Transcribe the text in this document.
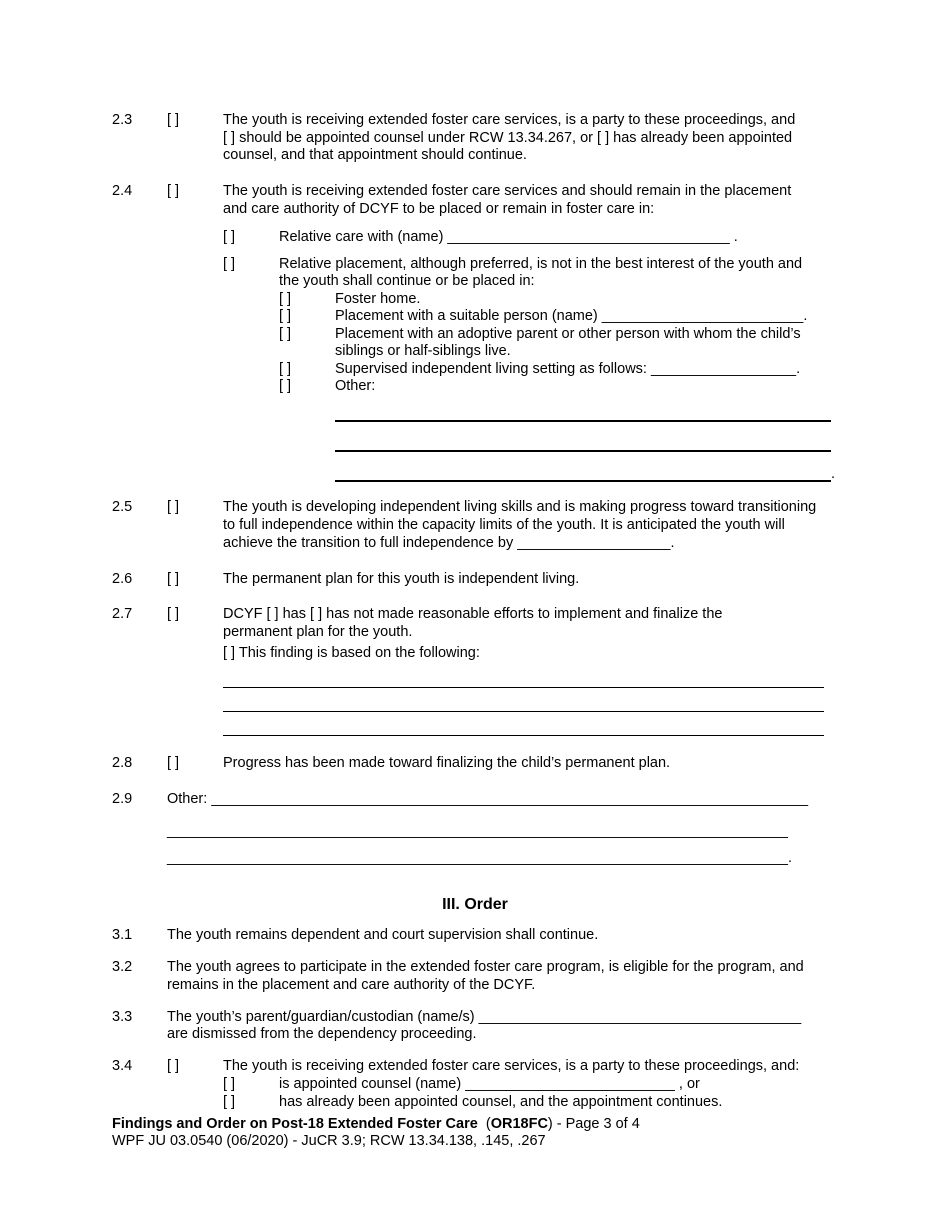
2.3 [ ]	The youth is receiving extended foster care services, is a party to these proceedings, and
[ ] should be appointed counsel under RCW 13.34.267, or [ ] has already been appointed
counsel, and that appointment should continue.
2.4 [ ]	The youth is receiving extended foster care services and should remain in the placement
and care authority of DCYF to be placed or remain in foster care in:
[ ]	Relative care with (name) ___________________________________ .
[ ]	Relative placement, although preferred, is not in the best interest of the youth and
the youth shall continue or be placed in:
[ ]	Foster home.
[ ]	Placement with a suitable person (name) _________________________.
[ ]	Placement with an adoptive parent or other person with whom the child’s
siblings or half-siblings live.
[ ]	Supervised independent living setting as follows: __________________.
[ ]	Other:
.
2.5 [ ]	The youth is developing independent living skills and is making progress toward transitioning
to full independence within the capacity limits of the youth. It is anticipated the youth will
achieve the transition to full independence by ___________________.
2.6 [ ]	The permanent plan for this youth is independent living.
2.7 [ ]	DCYF [ ] has [ ] has not made reasonable efforts to implement and finalize the
permanent plan for the youth.
[ ] This finding is based on the following:
2.8 [ ]	Progress has been made toward finalizing the child’s permanent plan.
2.9 Other: __________________________________________________________________________
_____________________________________________________________________________
_____________________________________________________________________________.
III. Order
3.1 The youth remains dependent and court supervision shall continue.
3.2 The youth agrees to participate in the extended foster care program, is eligible for the program, and
remains in the placement and care authority of the DCYF.
3.3 The youth’s parent/guardian/custodian (name/s) ________________________________________
are dismissed from the dependency proceeding.
3.4 [ ]	The youth is receiving extended foster care services, is a party to these proceedings, and:
[ ]	is appointed counsel (name) __________________________ , or
[ ]	has already been appointed counsel, and the appointment continues.
Findings and Order on Post-18 Extended Foster Care (OR18FC) - Page 3 of 4
WPF JU 03.0540 (06/2020) - JuCR 3.9; RCW 13.34.138, .145, .267
